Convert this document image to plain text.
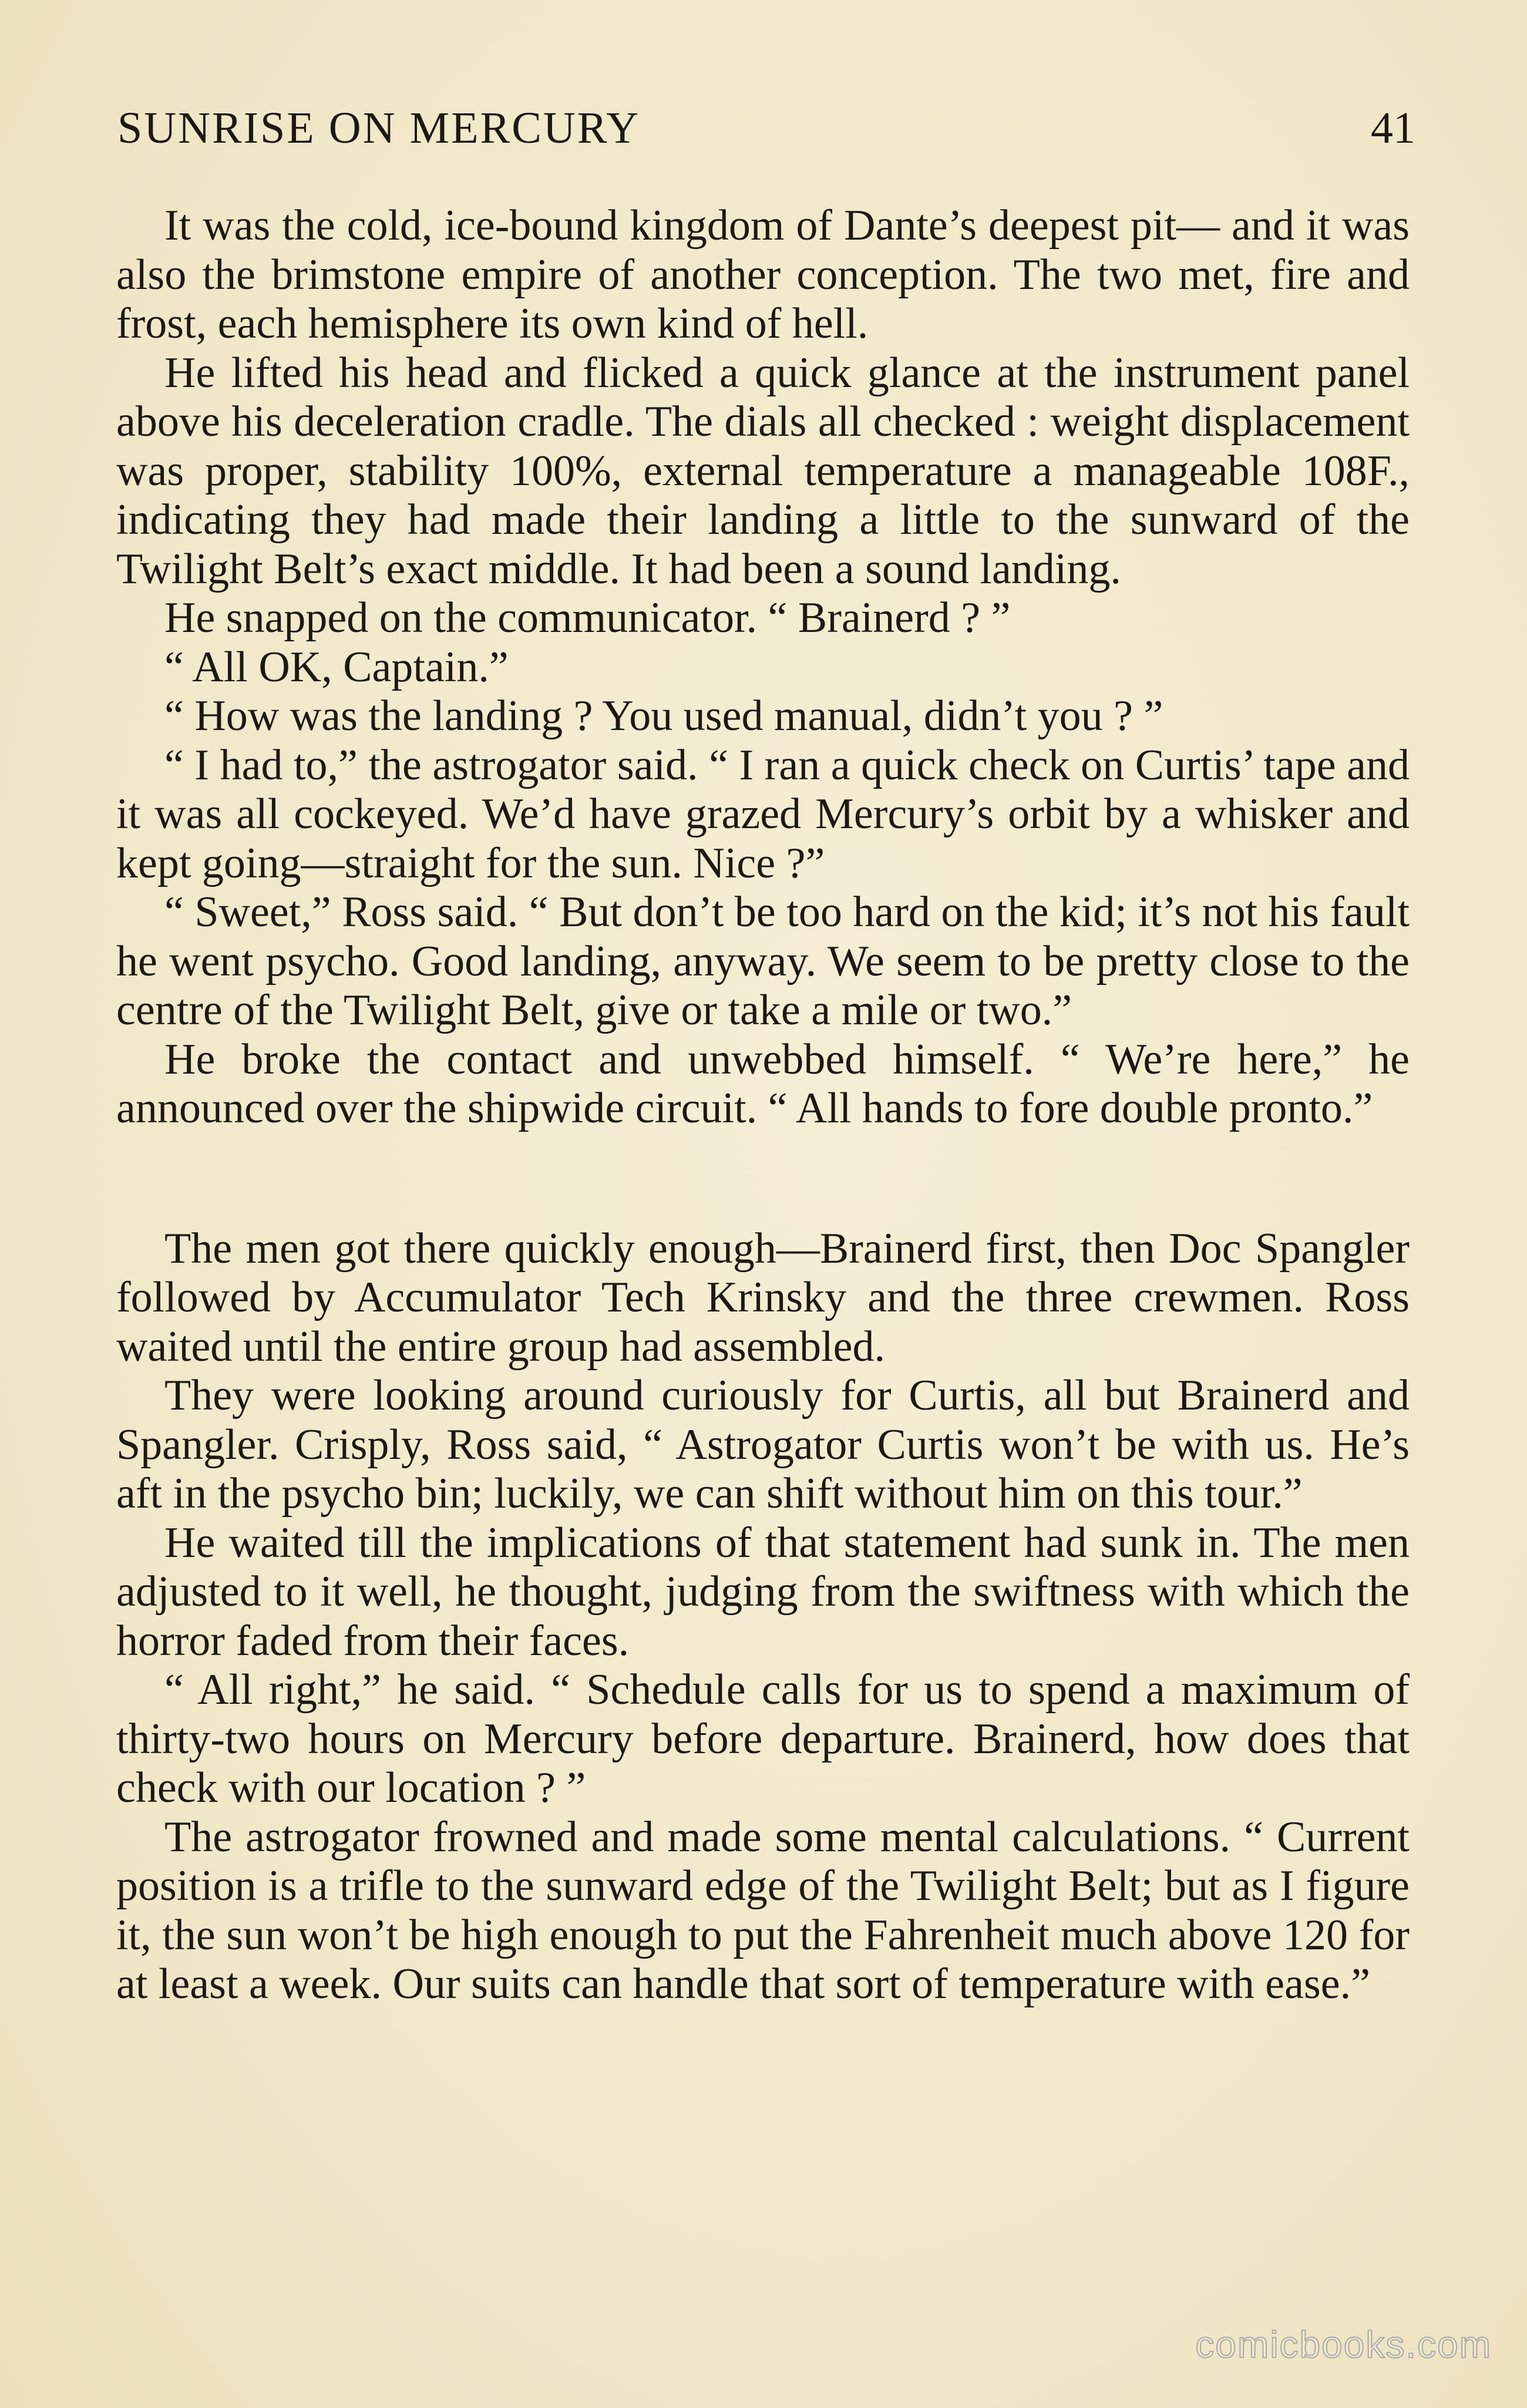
SUNRISE ON MERCURY	41

It was the cold, ice-bound kingdom of Dante’s deepest pit— and it was also the brimstone empire of another conception. The two met, fire and frost, each hemisphere its own kind of hell.

He lifted his head and flicked a quick glance at the instrument panel above his deceleration cradle. The dials all checked : weight displacement was proper, stability 100%, external temperature a manageable 108F., indicating they had made their landing a little to the sunward of the Twilight Belt’s exact middle. It had been a sound landing.

He snapped on the communicator. “ Brainerd ? ”

“ All OK, Captain.”

“ How was the landing ? You used manual, didn’t you ? ”

“ I had to,” the astrogator said. “ I ran a quick check on Curtis’ tape and it was all cockeyed. We’d have grazed Mercury’s orbit by a whisker and kept going—straight for the sun. Nice ?”

“ Sweet,” Ross said. “ But don’t be too hard on the kid; it’s not his fault he went psycho. Good landing, anyway. We seem to be pretty close to the centre of the Twilight Belt, give or take a mile or two.”

He broke the contact and unwebbed himself. “ We’re here,” he announced over the shipwide circuit. “ All hands to fore double pronto.”

The men got there quickly enough—Brainerd first, then Doc Spangler followed by Accumulator Tech Krinsky and the three crewmen. Ross waited until the entire group had assembled.

They were looking around curiously for Curtis, all but Brainerd and Spangler. Crisply, Ross said, “ Astrogator Curtis won’t be with us. He’s aft in the psycho bin; luckily, we can shift without him on this tour.”

He waited till the implications of that statement had sunk in. The men adjusted to it well, he thought, judging from the swiftness with which the horror faded from their faces.

“ All right,” he said. “ Schedule calls for us to spend a maximum of thirty-two hours on Mercury before departure. Brainerd, how does that check with our location ? ”

The astrogator frowned and made some mental calculations. “ Current position is a trifle to the sunward edge of the Twilight Belt; but as I figure it, the sun won’t be high enough to put the Fahrenheit much above 120 for at least a week. Our suits can handle that sort of temperature with ease.”

comicbooks.com
